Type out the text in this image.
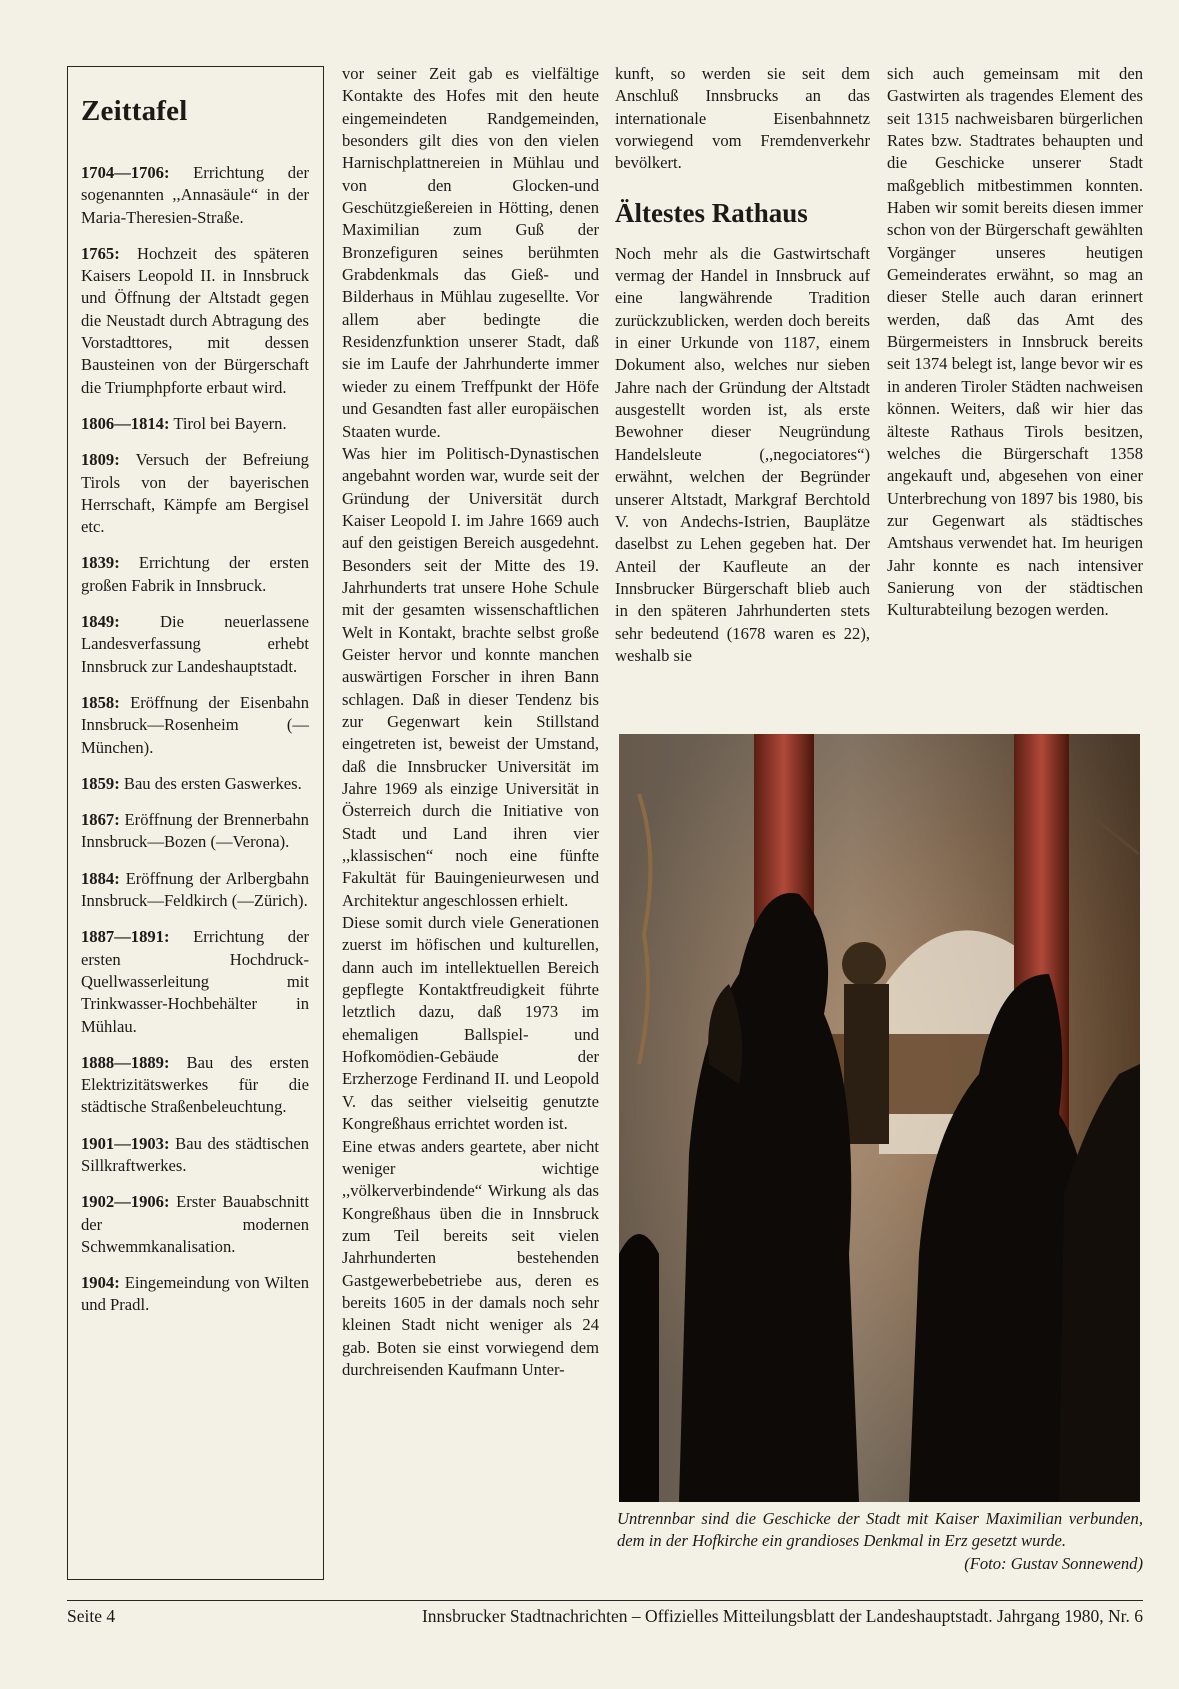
Zeittafel

1704—1706: Errichtung der sogenannten ,,Annasäule“ in der Maria-Theresien-Straße.

1765: Hochzeit des späteren Kaisers Leopold II. in Innsbruck und Öffnung der Altstadt gegen die Neustadt durch Abtragung des Vorstadttores, mit dessen Bausteinen von der Bürgerschaft die Triumphpforte erbaut wird.

1806—1814: Tirol bei Bayern.

1809: Versuch der Befreiung Tirols von der bayerischen Herrschaft, Kämpfe am Bergisel etc.

1839: Errichtung der ersten großen Fabrik in Innsbruck.

1849: Die neuerlassene Landesverfassung erhebt Innsbruck zur Landeshauptstadt.

1858: Eröffnung der Eisenbahn Innsbruck—Rosenheim (—München).

1859: Bau des ersten Gaswerkes.

1867: Eröffnung der Brennerbahn Innsbruck—Bozen (—Verona).

1884: Eröffnung der Arlbergbahn Innsbruck—Feldkirch (—Zürich).

1887—1891: Errichtung der ersten Hochdruck-Quellwasserleitung mit Trinkwasser-Hochbehälter in Mühlau.

1888—1889: Bau des ersten Elektrizitätswerkes für die städtische Straßenbeleuchtung.

1901—1903: Bau des städtischen Sillkraftwerkes.

1902—1906: Erster Bauabschnitt der modernen Schwemmkanalisation.

1904: Eingemeindung von Wilten und Pradl.

vor seiner Zeit gab es vielfältige Kontakte des Hofes mit den heute eingemeindeten Randgemeinden, besonders gilt dies von den vielen Harnischplattnereien in Mühlau und von den Glocken-und Geschützgießereien in Hötting, denen Maximilian zum Guß der Bronzefiguren seines berühmten Grabdenkmals das Gieß- und Bilderhaus in Mühlau zugesellte. Vor allem aber bedingte die Residenzfunktion unserer Stadt, daß sie im Laufe der Jahrhunderte immer wieder zu einem Treffpunkt der Höfe und Gesandten fast aller europäischen Staaten wurde.

Was hier im Politisch-Dynastischen angebahnt worden war, wurde seit der Gründung der Universität durch Kaiser Leopold I. im Jahre 1669 auch auf den geistigen Bereich ausgedehnt. Besonders seit der Mitte des 19. Jahrhunderts trat unsere Hohe Schule mit der gesamten wissenschaftlichen Welt in Kontakt, brachte selbst große Geister hervor und konnte manchen auswärtigen Forscher in ihren Bann schlagen. Daß in dieser Tendenz bis zur Gegenwart kein Stillstand eingetreten ist, beweist der Umstand, daß die Innsbrucker Universität im Jahre 1969 als einzige Universität in Österreich durch die Initiative von Stadt und Land ihren vier ,,klassischen“ noch eine fünfte Fakultät für Bauingenieurwesen und Architektur angeschlossen erhielt.

Diese somit durch viele Generationen zuerst im höfischen und kulturellen, dann auch im intellektuellen Bereich gepflegte Kontaktfreudigkeit führte letztlich dazu, daß 1973 im ehemaligen Ballspiel- und Hofkomödien-Gebäude der Erzherzoge Ferdinand II. und Leopold V. das seither vielseitig genutzte Kongreßhaus errichtet worden ist.

Eine etwas anders geartete, aber nicht weniger wichtige ,,völkerverbindende“ Wirkung als das Kongreßhaus üben die in Innsbruck zum Teil bereits seit vielen Jahrhunderten bestehenden Gastgewerbebetriebe aus, deren es bereits 1605 in der damals noch sehr kleinen Stadt nicht weniger als 24 gab. Boten sie einst vorwiegend dem durchreisenden Kaufmann Unter-

kunft, so werden sie seit dem Anschluß Innsbrucks an das internationale Eisenbahnnetz vorwiegend vom Fremdenverkehr bevölkert.

Ältestes Rathaus

Noch mehr als die Gastwirtschaft vermag der Handel in Innsbruck auf eine langwährende Tradition zurückzublicken, werden doch bereits in einer Urkunde von 1187, einem Dokument also, welches nur sieben Jahre nach der Gründung der Altstadt ausgestellt worden ist, als erste Bewohner dieser Neugründung Handelsleute (,,negociatores“) erwähnt, welchen der Begründer unserer Altstadt, Markgraf Berchtold V. von Andechs-Istrien, Bauplätze daselbst zu Lehen gegeben hat. Der Anteil der Kaufleute an der Innsbrucker Bürgerschaft blieb auch in den späteren Jahrhunderten stets sehr bedeutend (1678 waren es 22), weshalb sie

sich auch gemeinsam mit den Gastwirten als tragendes Element des seit 1315 nachweisbaren bürgerlichen Rates bzw. Stadtrates behaupten und die Geschicke unserer Stadt maßgeblich mitbestimmen konnten. Haben wir somit bereits diesen immer schon von der Bürgerschaft gewählten Vorgänger unseres heutigen Gemeinderates erwähnt, so mag an dieser Stelle auch daran erinnert werden, daß das Amt des Bürgermeisters in Innsbruck bereits seit 1374 belegt ist, lange bevor wir es in anderen Tiroler Städten nachweisen können. Weiters, daß wir hier das älteste Rathaus Tirols besitzen, welches die Bürgerschaft 1358 angekauft und, abgesehen von einer Unterbrechung von 1897 bis 1980, bis zur Gegenwart als städtisches Amtshaus verwendet hat. Im heurigen Jahr konnte es nach intensiver Sanierung von der städtischen Kulturabteilung bezogen werden.

Untrennbar sind die Geschicke der Stadt mit Kaiser Maximilian verbunden, dem in der Hofkirche ein grandioses Denkmal in Erz gesetzt wurde.
(Foto: Gustav Sonnewend)
Seite 4	Innsbrucker Stadtnachrichten – Offizielles Mitteilungsblatt der Landeshauptstadt. Jahrgang 1980, Nr. 6
